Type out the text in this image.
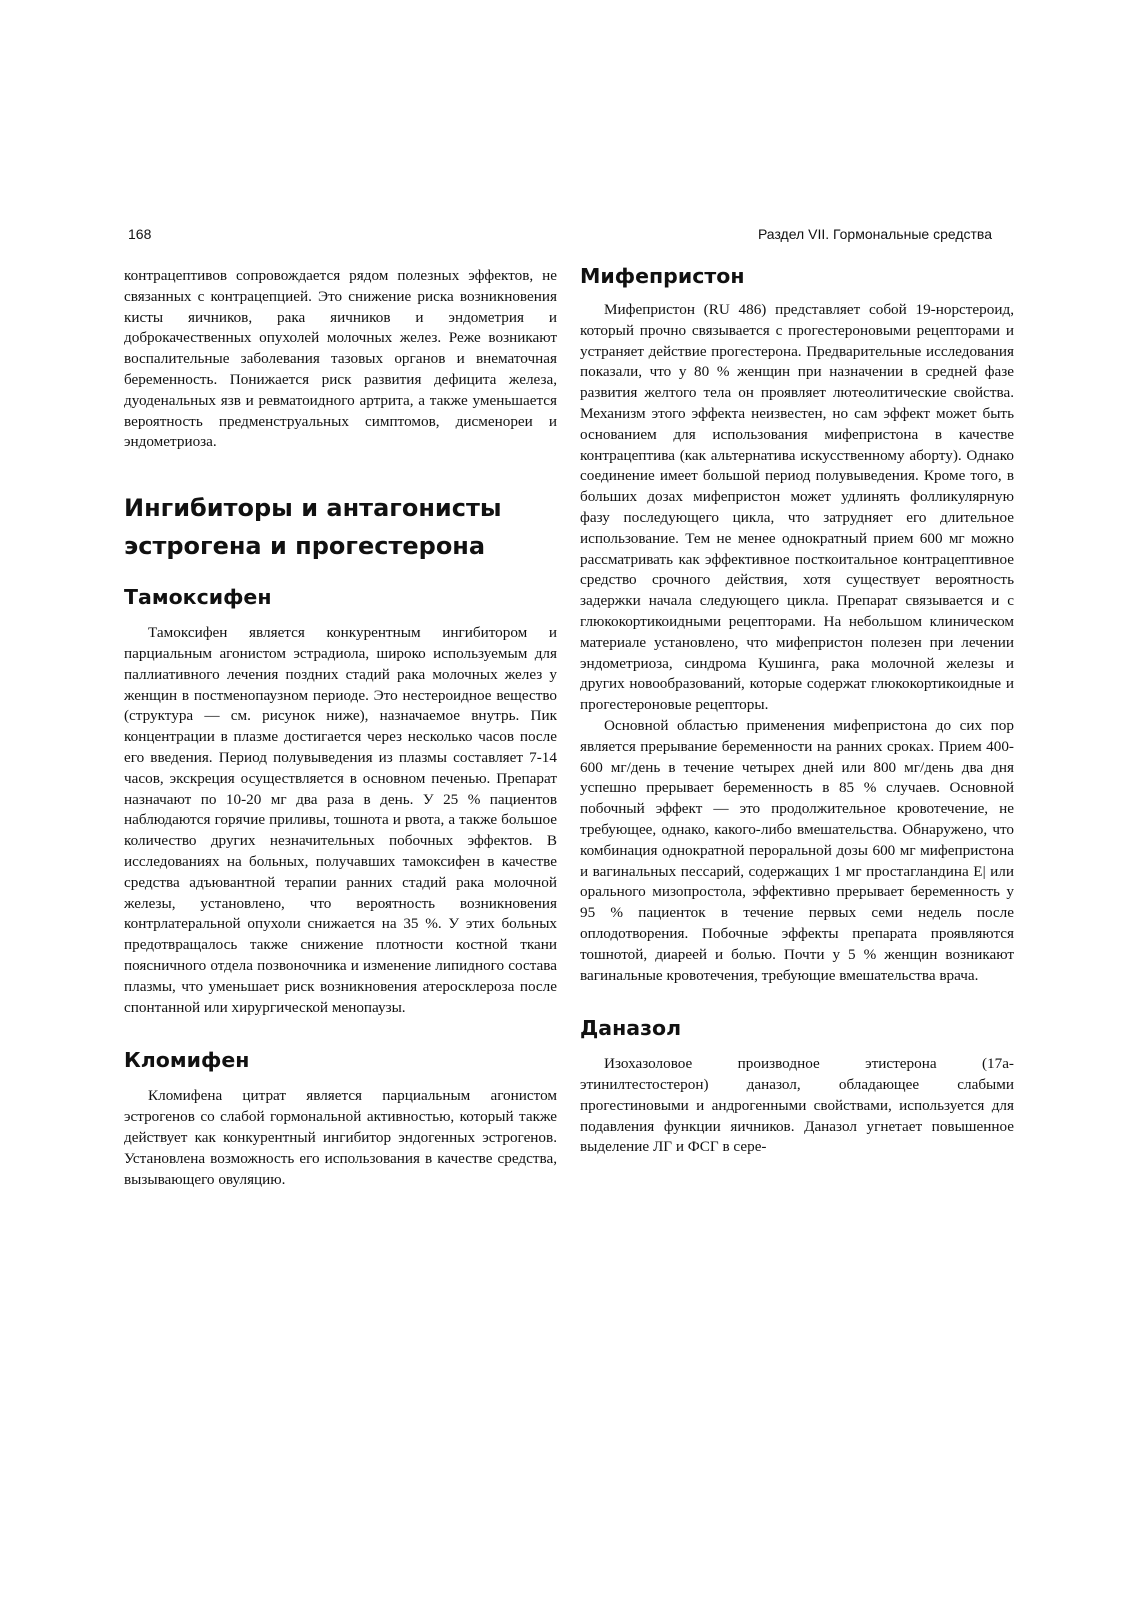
168	Раздел VII. Гормональные средства

контрацептивов сопровождается рядом полезных эффектов, не связанных с контрацепцией. Это снижение риска возникновения кисты яичников, рака яичников и эндометрия и доброкачественных опухолей молочных желез. Реже возникают воспалительные заболевания тазовых органов и внематочная беременность. Понижается риск развития дефицита железа, дуоденальных язв и ревматоидного артрита, а также уменьшается вероятность предменструальных симптомов, дисменореи и эндометриоза.

Ингибиторы и антагонисты эстрогена и прогестерона
Тамоксифен

Тамоксифен является конкурентным ингибитором и парциальным агонистом эстрадиола, широко используемым для паллиативного лечения поздних стадий рака молочных желез у женщин в постменопаузном периоде. Это нестероидное вещество (структура — см. рисунок ниже), назначаемое внутрь. Пик концентрации в плазме достигается через несколько часов после его введения. Период полувыведения из плазмы составляет 7-14 часов, экскреция осуществляется в основном печенью. Препарат назначают по 10-20 мг два раза в день. У 25 % пациентов наблюдаются горячие приливы, тошнота и рвота, а также большое количество других незначительных побочных эффектов. В исследованиях на больных, получавших тамоксифен в качестве средства адъювантной терапии ранних стадий рака молочной железы, установлено, что вероятность возникновения контрлатеральной опухоли снижается на 35 %. У этих больных предотвращалось также снижение плотности костной ткани поясничного отдела позвоночника и изменение липидного состава плазмы, что уменьшает риск возникновения атеросклероза после спонтанной или хирургической менопаузы.

Кломифен

Кломифена цитрат является парциальным агонистом эстрогенов со слабой гормональной активностью, который также действует как конкурентный ингибитор эндогенных эстрогенов. Установлена возможность его использования в качестве средства, вызывающего овуляцию.

Мифепристон

Мифепристон (RU 486) представляет собой 19-норстероид, который прочно связывается с прогестероновыми рецепторами и устраняет действие прогестерона. Предварительные исследования показали, что у 80 % женщин при назначении в средней фазе развития желтого тела он проявляет лютеолитические свойства. Механизм этого эффекта неизвестен, но сам эффект может быть основанием для использования мифепристона в качестве контрацептива (как альтернатива искусственному аборту). Однако соединение имеет большой период полувыведения. Кроме того, в больших дозах мифепристон может удлинять фолликулярную фазу последующего цикла, что затрудняет его длительное использование. Тем не менее однократный прием 600 мг можно рассматривать как эффективное посткоитальное контрацептивное средство срочного действия, хотя существует вероятность задержки начала следующего цикла. Препарат связывается и с глюкокортикоидными рецепторами. На небольшом клиническом материале установлено, что мифепристон полезен при лечении эндометриоза, синдрома Кушинга, рака молочной железы и других новообразований, которые содержат глюкокортикоидные и прогестероновые рецепторы.

Основной областью применения мифепристона до сих пор является прерывание беременности на ранних сроках. Прием 400-600 мг/день в течение четырех дней или 800 мг/день два дня успешно прерывает беременность в 85 % случаев. Основной побочный эффект — это продолжительное кровотечение, не требующее, однако, какого-либо вмешательства. Обнаружено, что комбинация однократной пероральной дозы 600 мг мифепристона и вагинальных пессарий, содержащих 1 мг простагландина E| или орального мизопростола, эффективно прерывает беременность у 95 % пациенток в течение первых семи недель после оплодотворения. Побочные эффекты препарата проявляются тошнотой, диареей и болью. Почти у 5 % женщин возникают вагинальные кровотечения, требующие вмешательства врача.

Даназол

Изохазоловое производное этистерона (17а-этинилтестостерон) даназол, обладающее слабыми прогестиновыми и андрогенными свойствами, используется для подавления функции яичников. Даназол угнетает повышенное выделение ЛГ и ФСГ в сере-
